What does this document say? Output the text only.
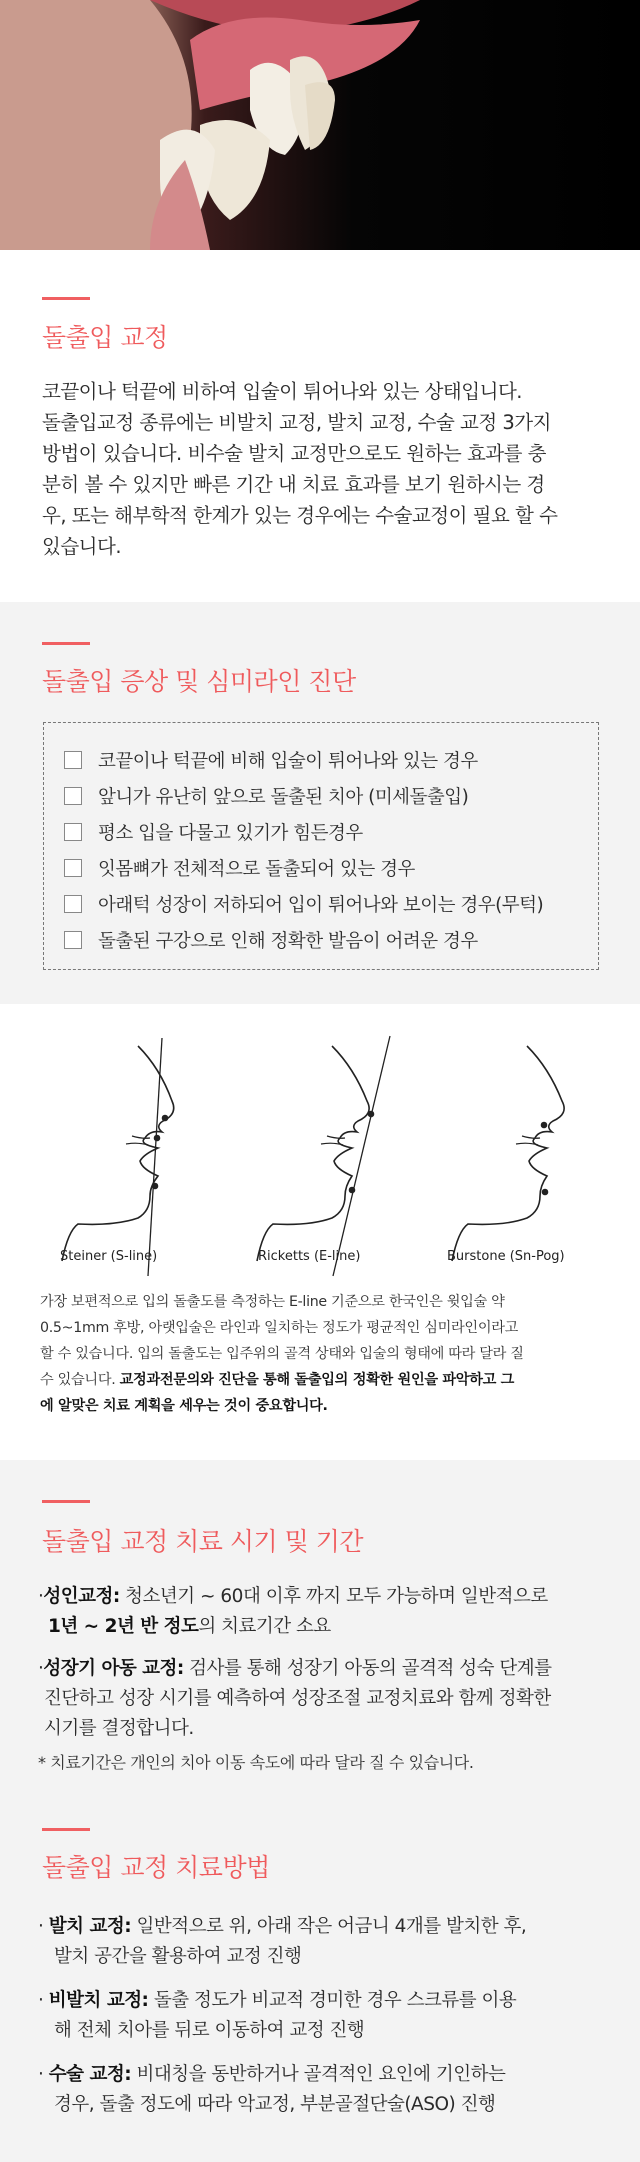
돌출입 교정
코끝이나 턱끝에 비하여 입술이 튀어나와 있는 상태입니다.
돌출입교정 종류에는 비발치 교정, 발치 교정, 수술 교정 3가지
방법이 있습니다. 비수술 발치 교정만으로도 원하는 효과를 충
분히 볼 수 있지만 빠른 기간 내 치료 효과를 보기 원하시는 경
우, 또는 해부학적 한계가 있는 경우에는 수술교정이 필요 할 수
있습니다.
돌출입 증상 및 심미라인 진단
코끝이나 턱끝에 비해 입술이 튀어나와 있는 경우
앞니가 유난히 앞으로 돌출된 치아 (미세돌출입)
평소 입을 다물고 있기가 힘든경우
잇몸뼈가 전체적으로 돌출되어 있는 경우
아래턱 성장이 저하되어 입이 튀어나와 보이는 경우(무턱)
돌출된 구강으로 인해 정확한 발음이 어려운 경우
Steiner (S-line)	Ricketts (E-line)	Burstone (Sn-Pog)
가장 보편적으로 입의 돌출도를 측정하는 E-line 기준으로 한국인은 윗입술 약
0.5~1mm 후방, 아랫입술은 라인과 일치하는 정도가 평균적인 심미라인이라고
할 수 있습니다. 입의 돌출도는 입주위의 골격 상태와 입술의 형태에 따라 달라 질
수 있습니다. 교정과전문의와 진단을 통해 돌출입의 정확한 원인을 파악하고 그
에 알맞은 치료 계획을 세우는 것이 중요합니다.
돌출입 교정 치료 시기 및 기간
·성인교정: 청소년기 ~ 60대 이후 까지 모두 가능하며 일반적으로
1년 ~ 2년 반 정도의 치료기간 소요
·성장기 아동 교정: 검사를 통해 성장기 아동의 골격적 성숙 단계를
진단하고 성장 시기를 예측하여 성장조절 교정치료와 함께 정확한
시기를 결정합니다.
* 치료기간은 개인의 치아 이동 속도에 따라 달라 질 수 있습니다.
돌출입 교정 치료방법
· 발치 교정: 일반적으로 위, 아래 작은 어금니 4개를 발치한 후,
발치 공간을 활용하여 교정 진행
· 비발치 교정: 돌출 정도가 비교적 경미한 경우 스크류를 이용
해 전체 치아를 뒤로 이동하여 교정 진행
· 수술 교정: 비대칭을 동반하거나 골격적인 요인에 기인하는
경우, 돌출 정도에 따라 악교정, 부분골절단술(ASO) 진행
